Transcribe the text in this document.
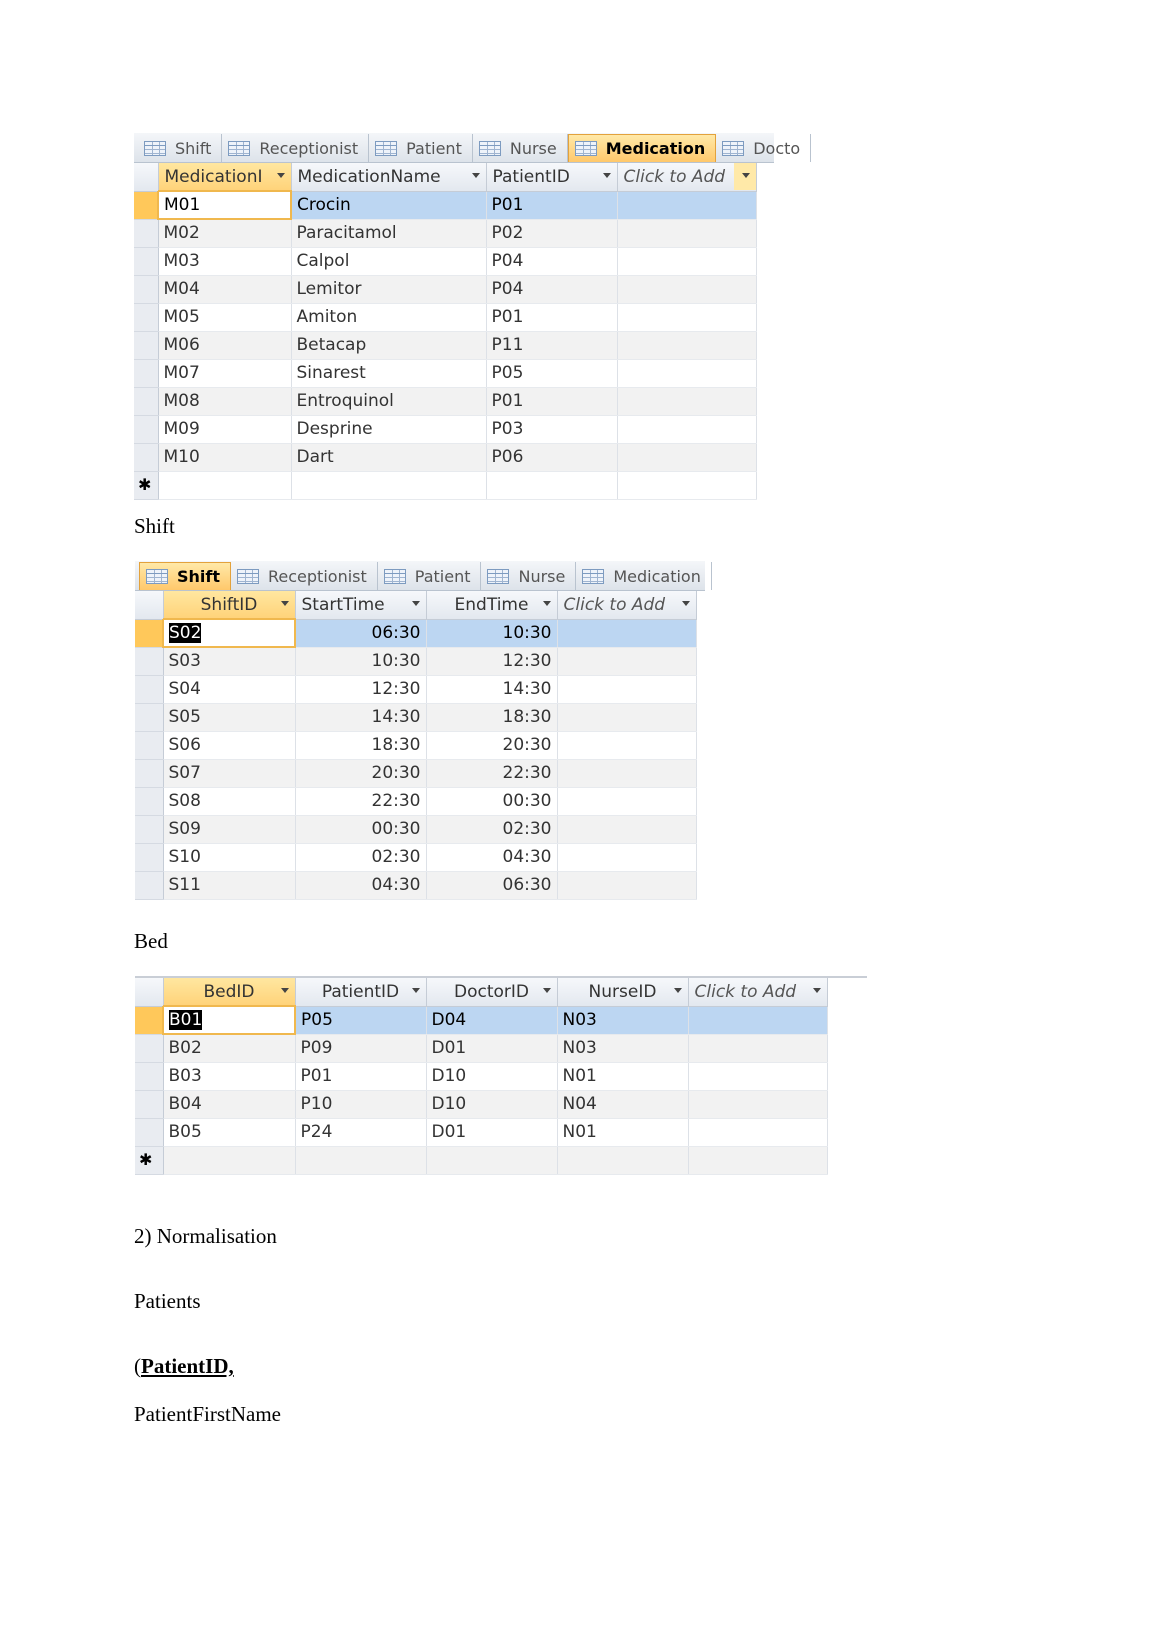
Shift	Receptionist	Patient	Nurse	Medication	Docto
	MedicationI	MedicationName	PatientID	Click to Add

	M01	Crocin	P01	
	M02	Paracitamol	P02	
	M03	Calpol	P04	
	M04	Lemitor	P04	
	M05	Amiton	P01	
	M06	Betacap	P11	
	M07	Sinarest	P05	
	M08	Entroquinol	P01	
	M09	Desprine	P03	
	M10	Dart	P06	
✱				
Shift
Shift	Receptionist	Patient	Nurse	Medication
	ShiftID	StartTime	EndTime	Click to Add

	S02	06:30	10:30	
	S03	10:30	12:30	
	S04	12:30	14:30	
	S05	14:30	18:30	
	S06	18:30	20:30	
	S07	20:30	22:30	
	S08	22:30	00:30	
	S09	00:30	02:30	
	S10	02:30	04:30	
	S11	04:30	06:30	
Bed
	BedID	PatientID	DoctorID	NurseID	Click to Add

	B01	P05	D04	N03	
	B02	P09	D01	N03	
	B03	P01	D10	N01	
	B04	P10	D10	N04	
	B05	P24	D01	N01	
✱					
2) Normalisation
Patients
(PatientID,
PatientFirstName
